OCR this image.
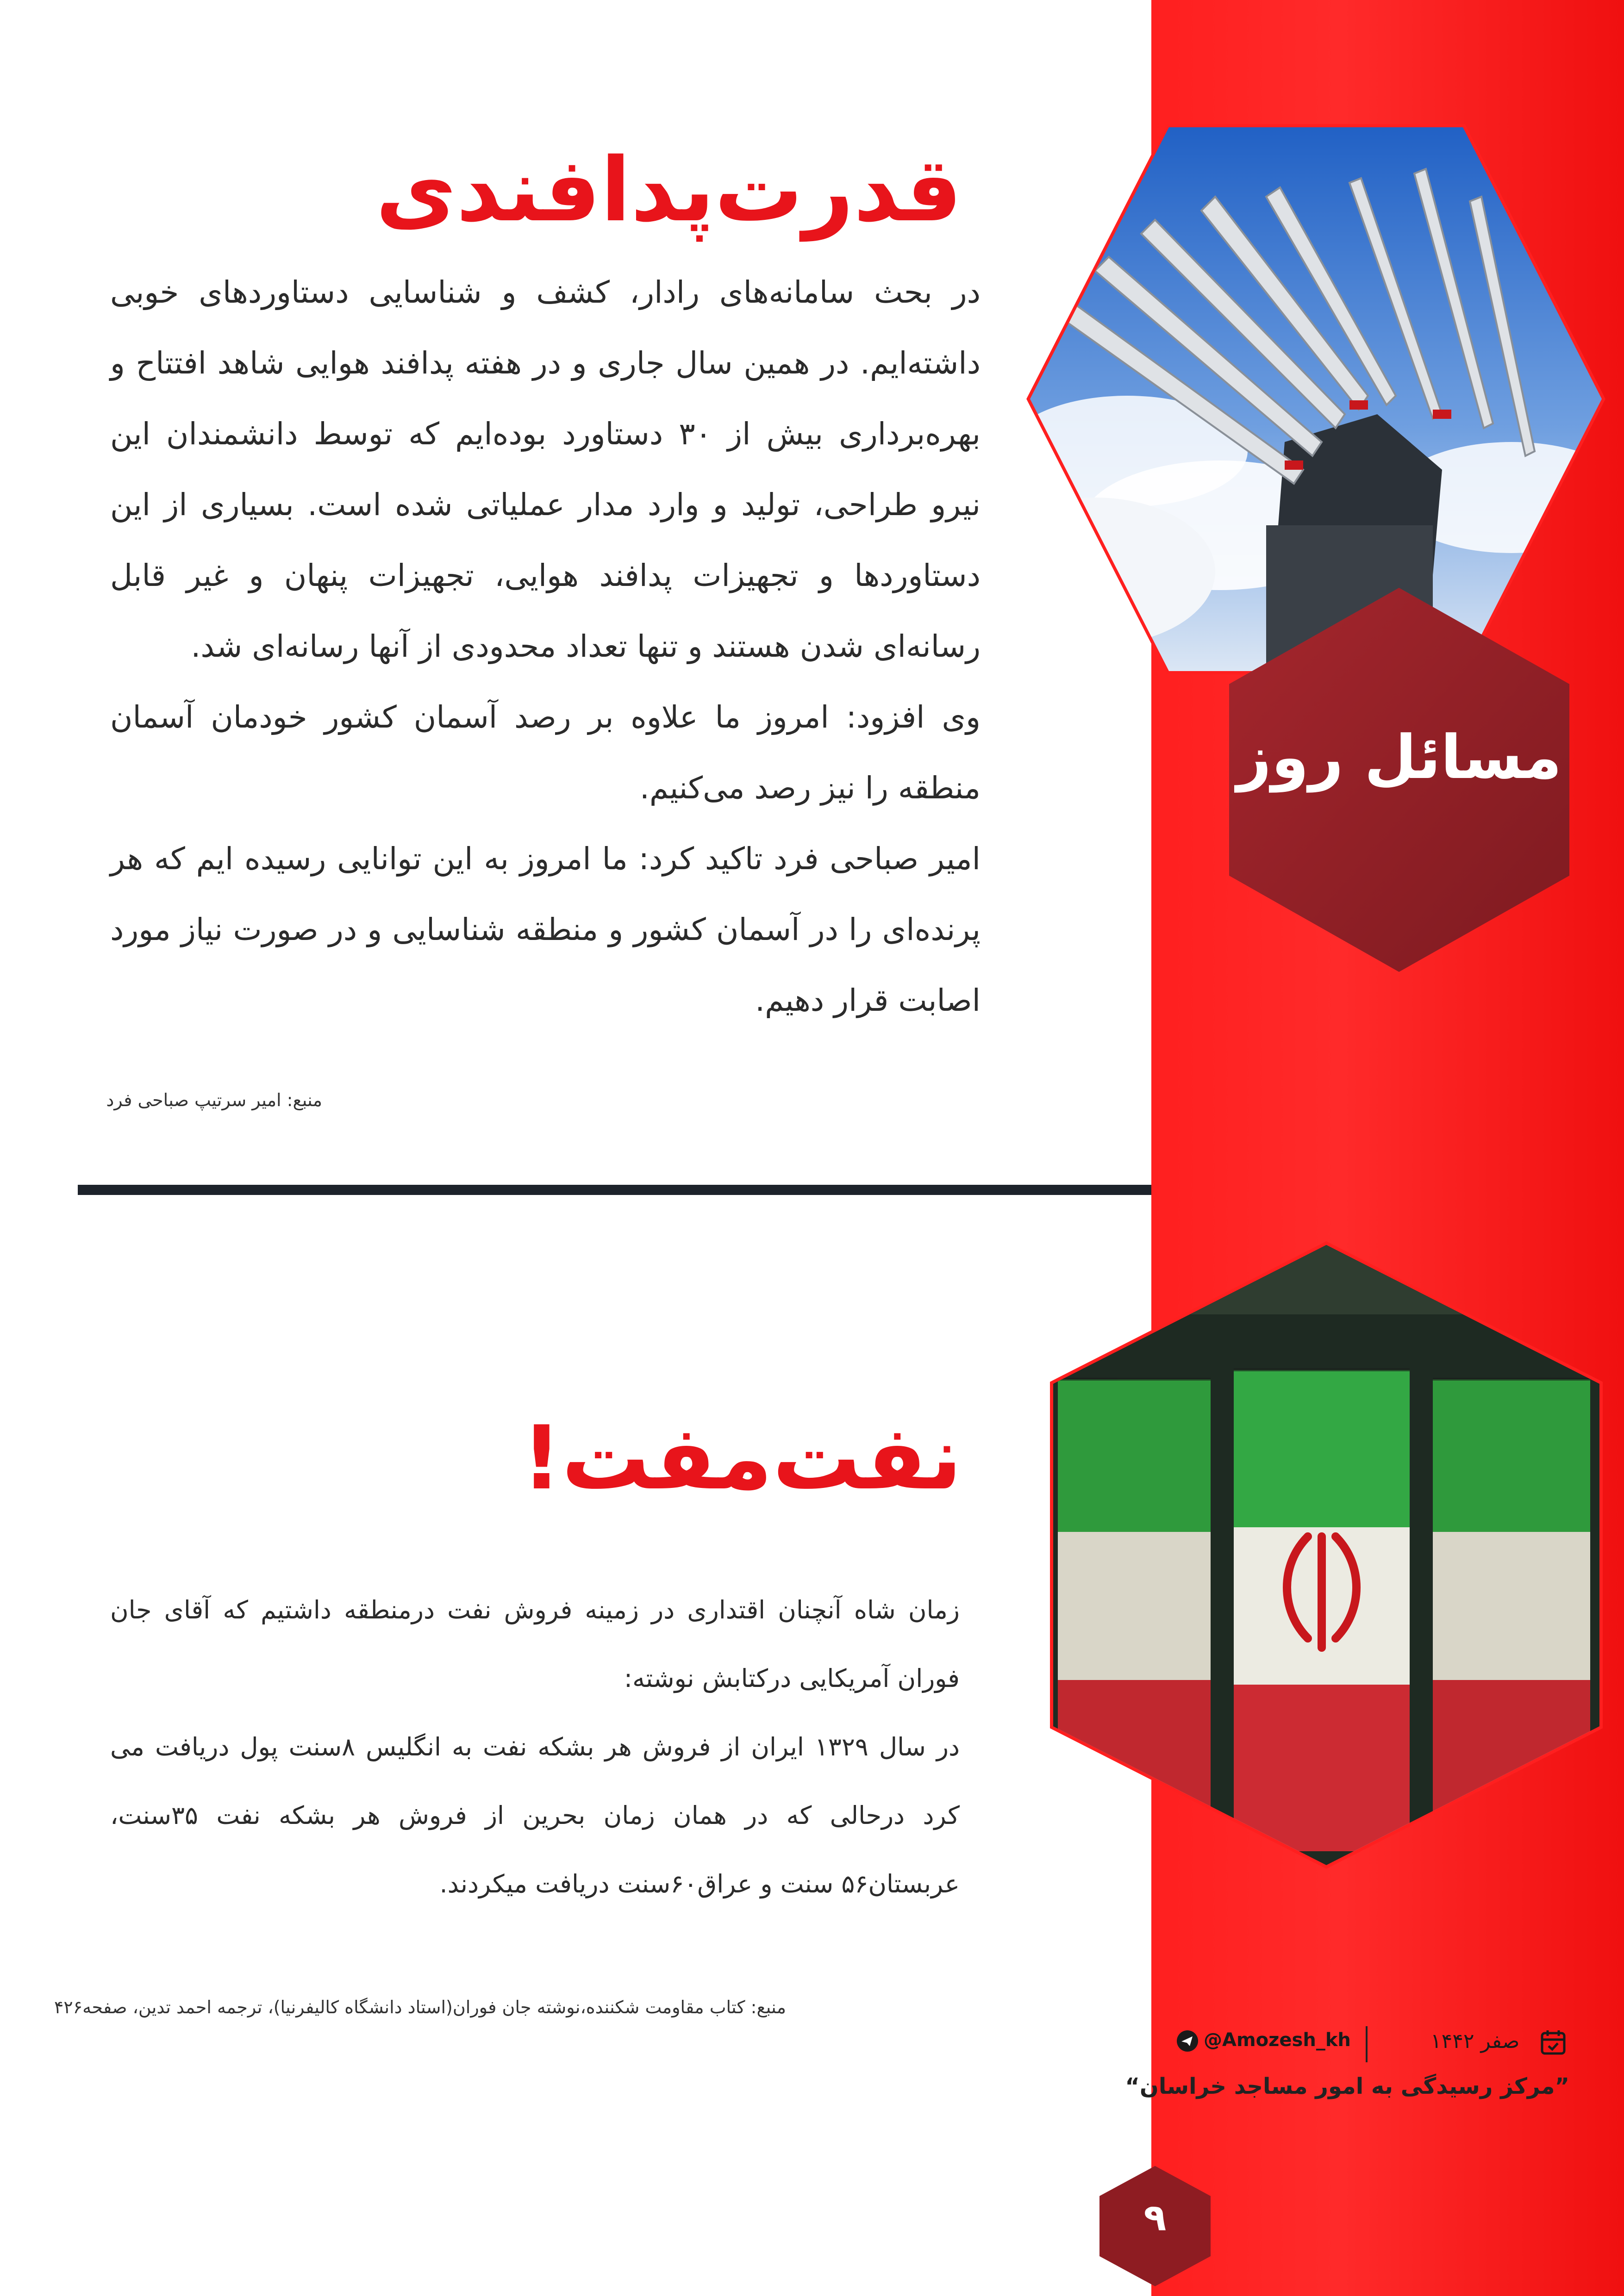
قدرت‌پدافندی

در بحث سامانه‌های رادار، کشف و شناسایی دستاوردهای خوبی داشته‌ایم. در همین سال جاری و در هفته پدافند هوایی شاهد افتتاح و بهره‌برداری بیش از ۳۰ دستاورد بوده‌ایم که توسط دانشمندان این نیرو طراحی، تولید و وارد مدار عملیاتی شده است. بسیاری از این دستاوردها و تجهیزات پدافند هوایی، تجهیزات پنهان و غیر قابل رسانه‌ای شدن هستند و تنها تعداد محدودی از آنها رسانه‌ای شد.

وی افزود: امروز ما علاوه بر رصد آسمان کشور خودمان آسمان منطقه را نیز رصد می‌کنیم.

امیر صباحی فرد تاکید کرد: ما امروز به این توانایی رسیده ایم که هر پرنده‌ای را در آسمان کشور و منطقه شناسایی و در صورت نیاز مورد اصابت قرار دهیم.

منبع: امیر سرتیپ صباحی فرد

مسائل روز

نفت‌مفت!

زمان شاه آنچنان اقتداری در زمینه فروش نفت درمنطقه داشتیم که آقای جان فوران آمریکایی درکتابش نوشته:

در سال ۱۳۲۹ ایران از فروش هر بشکه نفت به انگلیس ۸سنت پول دریافت می کرد درحالی که در همان زمان بحرین از فروش هر بشکه نفت ۳۵سنت، عربستان۵۶ سنت و عراق۶۰سنت دریافت میکردند.

منبع: کتاب مقاومت شکننده،نوشته جان فوران(استاد دانشگاه کالیفرنیا)، ترجمه احمد تدین، صفحه۴۲۶

صفر ۱۴۴۲
@Amozesh_kh

”مرکز رسیدگی به امور مساجد خراسان“

۹
